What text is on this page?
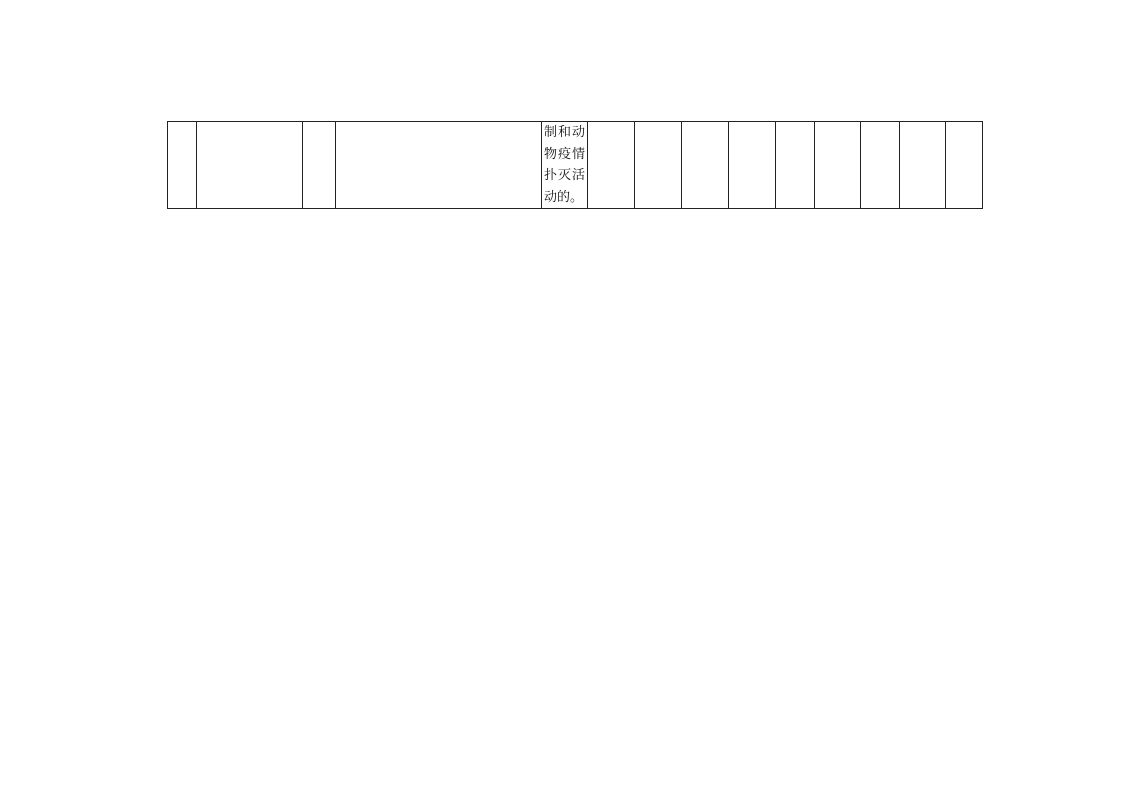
				制和动物疫情扑灭活动的。									
